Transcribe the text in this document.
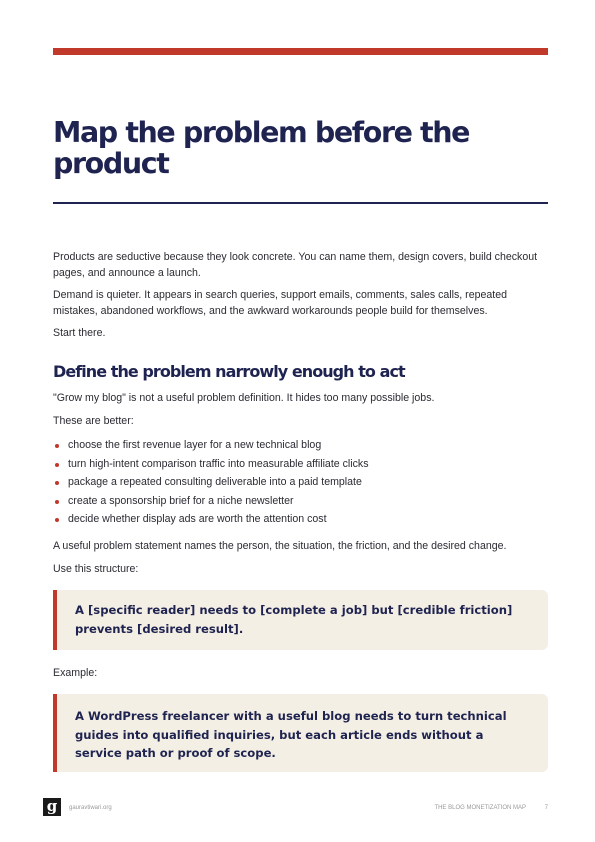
Map the problem before the product

Products are seductive because they look concrete. You can name them, design covers, build checkout pages, and announce a launch.

Demand is quieter. It appears in search queries, support emails, comments, sales calls, repeated mistakes, abandoned workflows, and the awkward workarounds people build for themselves.

Start there.

Define the problem narrowly enough to act

"Grow my blog" is not a useful problem definition. It hides too many possible jobs.

These are better:

choose the first revenue layer for a new technical blog
turn high-intent comparison traffic into measurable affiliate clicks
package a repeated consulting deliverable into a paid template
create a sponsorship brief for a niche newsletter
decide whether display ads are worth the attention cost

A useful problem statement names the person, the situation, the friction, and the desired change.

Use this structure:

A [specific reader] needs to [complete a job] but [credible friction] prevents [desired result].

Example:

A WordPress freelancer with a useful blog needs to turn technical guides into qualified inquiries, but each article ends without a service path or proof of scope.

g	gauravtiwari.org	THE BLOG MONETIZATION MAP	7
